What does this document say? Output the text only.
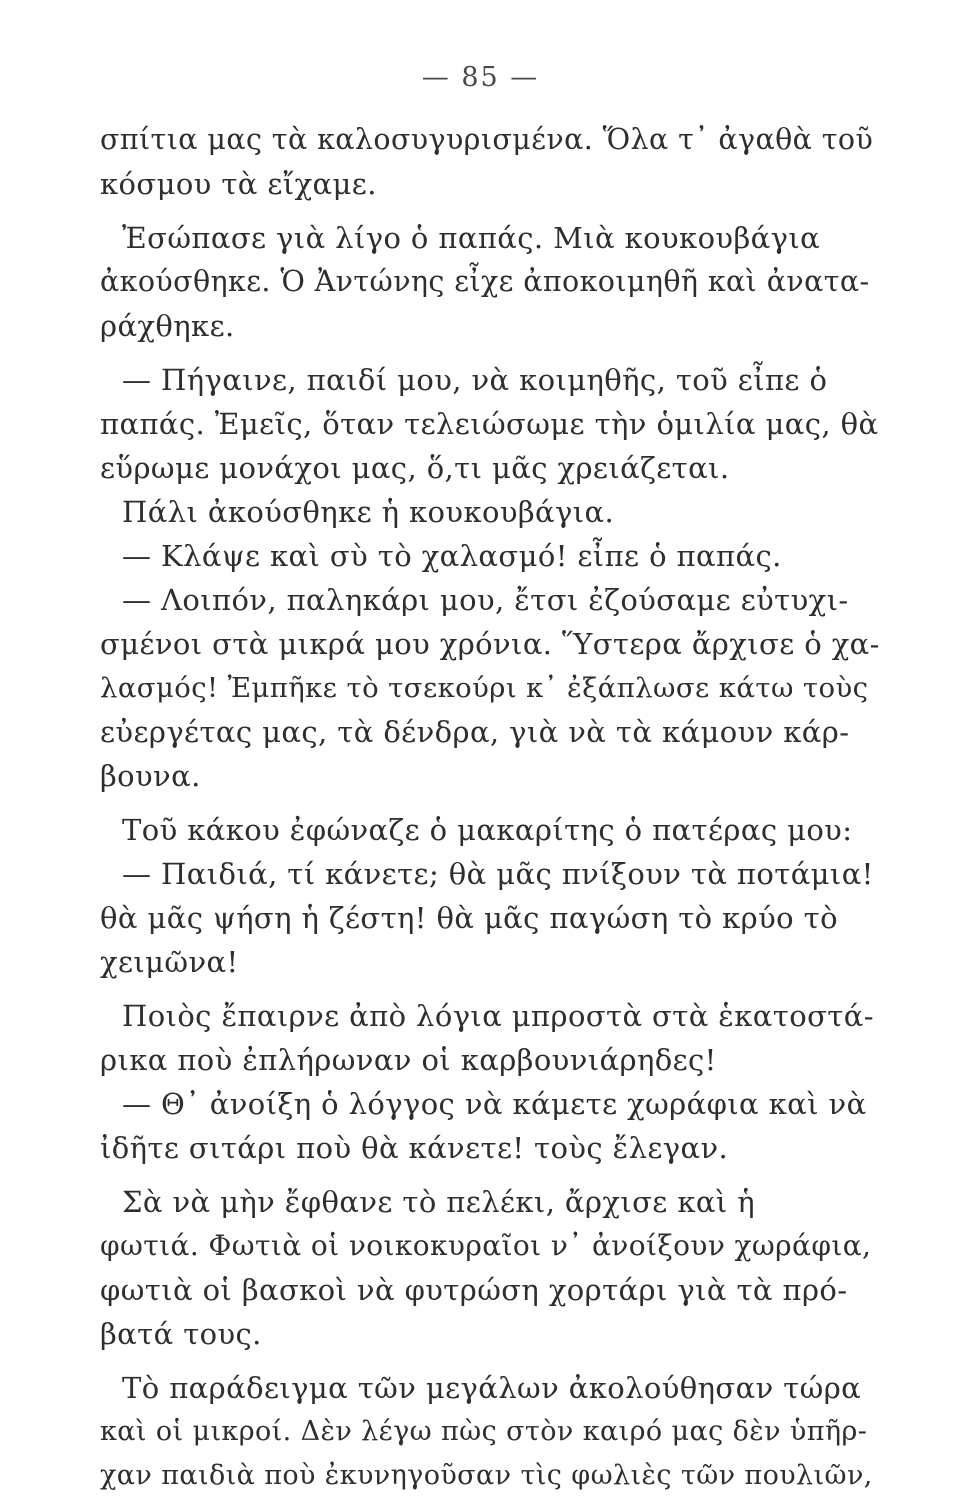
— 85 —
σπίτια μας τὰ καλοσυγυρισμένα. Ὅλα τ᾽ ἀγαθὰ τοῦ
κόσμου τὰ εἴχαμε.
Ἐσώπασε γιὰ λίγο ὁ παπάς. Μιὰ κουκουβάγια
ἀκούσθηκε. Ὁ Ἀντώνης εἶχε ἀποκοιμηθῆ καὶ ἀνατα-
ράχθηκε.
— Πήγαινε, παιδί μου, νὰ κοιμηθῆς, τοῦ εἶπε ὁ
παπάς. Ἐμεῖς, ὅταν τελειώσωμε τὴν ὁμιλία μας, θὰ
εὕρωμε μονάχοι μας, ὅ,τι μᾶς χρειάζεται.
Πάλι ἀκούσθηκε ἡ κουκουβάγια.
— Κλάψε καὶ σὺ τὸ χαλασμό! εἶπε ὁ παπάς.
— Λοιπόν, παληκάρι μου, ἔτσι ἐζούσαμε εὐτυχι-
σμένοι στὰ μικρά μου χρόνια. Ὕστερα ἄρχισε ὁ χα-
λασμός! Ἐμπῆκε τὸ τσεκούρι κ᾽ ἐξάπλωσε κάτω τοὺς
εὐεργέτας μας, τὰ δένδρα, γιὰ νὰ τὰ κάμουν κάρ-
βουνα.
Τοῦ κάκου ἐφώναζε ὁ μακαρίτης ὁ πατέρας μου:
— Παιδιά, τί κάνετε; θὰ μᾶς πνίξουν τὰ ποτάμια!
θὰ μᾶς ψήση ἡ ζέστη! θὰ μᾶς παγώση τὸ κρύο τὸ
χειμῶνα!
Ποιὸς ἔπαιρνε ἀπὸ λόγια μπροστὰ στὰ ἑκατοστά-
ρικα ποὺ ἐπλήρωναν οἱ καρβουνιάρηδες!
— Θ᾽ ἀνοίξη ὁ λόγγος νὰ κάμετε χωράφια καὶ νὰ
ἰδῆτε σιτάρι ποὺ θὰ κάνετε! τοὺς ἔλεγαν.
Σὰ νὰ μὴν ἔφθανε τὸ πελέκι, ἄρχισε καὶ ἡ
φωτιά. Φωτιὰ οἱ νοικοκυραῖοι ν᾽ ἀνοίξουν χωράφια,
φωτιὰ οἱ βασκοὶ νὰ φυτρώση χορτάρι γιὰ τὰ πρό-
βατά τους.
Τὸ παράδειγμα τῶν μεγάλων ἀκολούθησαν τώρα
καὶ οἱ μικροί. Δὲν λέγω πὼς στὸν καιρό μας δὲν ὑπῆρ-
χαν παιδιὰ ποὺ ἐκυνηγοῦσαν τὶς φωλιὲς τῶν πουλιῶν,
